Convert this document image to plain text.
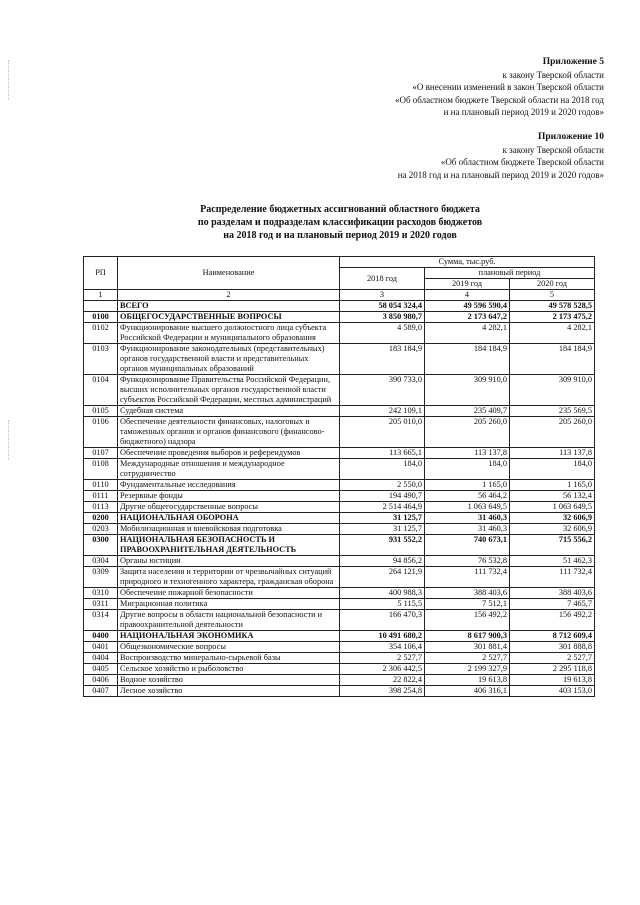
Приложение 5
к закону Тверской области
«О внесении изменений в закон Тверской области
«Об областном бюджете Тверской области на 2018 год
и на плановый период 2019 и 2020 годов»
Приложение 10
к закону Тверской области
«Об областном бюджете Тверской области
на 2018 год и на плановый период 2019 и 2020 годов»
Распределение бюджетных ассигнований областного бюджета
по разделам и подразделам классификации расходов бюджетов
на 2018 год и на плановый период 2019 и 2020 годов
РП	Наименование	Сумма, тыс.руб.		
		2018 год	плановый период	
			2019 год	2020 год
1	2	3	4	5
	ВСЕГО	58 054 324,4	49 596 590,4	49 578 528,5
0100	ОБЩЕГОСУДАРСТВЕННЫЕ ВОПРОСЫ	3 850 980,7	2 173 647,2	2 173 475,2
0102	Функционирование высшего должностного лица субъекта Российской Федерации и муниципального образования	4 589,0	4 282,1	4 282,1
0103	Функционирование законодательных (представительных) органов государственной власти и представительных органов муниципальных образований	183 184,9	184 184,9	184 184,9
0104	Функционирование Правительства Российской Федерации, высших исполнительных органов государственной власти субъектов Российской Федерации, местных администраций	390 733,0	309 910,0	309 910,0
0105	Судебная система	242 109,1	235 409,7	235 569,5
0106	Обеспечение деятельности финансовых, налоговых и таможенных органов и органов финансового (финансово-бюджетного) надзора	205 010,0	205 260,0	205 260,0
0107	Обеспечение проведения выборов и референдумов	113 665,1	113 137,8	113 137,8
0108	Международные отношения и международное сотрудничество	184,0	184,0	184,0
0110	Фундаментальные исследования	2 550,0	1 165,0	1 165,0
0111	Резервные фонды	194 490,7	56 464,2	56 132,4
0113	Другие общегосударственные вопросы	2 514 464,9	1 063 649,5	1 063 649,5
0200	НАЦИОНАЛЬНАЯ ОБОРОНА	31 125,7	31 460,3	32 606,9
0203	Мобилизационная и вневойсковая подготовка	31 125,7	31 460,3	32 606,9
0300	НАЦИОНАЛЬНАЯ БЕЗОПАСНОСТЬ И ПРАВООХРАНИТЕЛЬНАЯ ДЕЯТЕЛЬНОСТЬ	931 552,2	740 673,1	715 556,2
0304	Органы юстиции	94 856,2	76 532,8	51 462,3
0309	Защита населения и территории от чрезвычайных ситуаций природного и техногенного характера, гражданская оборона	264 121,9	111 732,4	111 732,4
0310	Обеспечение пожарной безопасности	400 988,3	388 403,6	388 403,6
0311	Миграционная политика	5 115,5	7 512,1	7 465,7
0314	Другие вопросы в области национальной безопасности и правоохранительной деятельности	166 470,3	156 492,2	156 492,2
0400	НАЦИОНАЛЬНАЯ ЭКОНОМИКА	10 491 680,2	8 617 900,3	8 712 609,4
0401	Общеэкономические вопросы	354 106,4	301 881,4	301 888,8
0404	Воспроизводство минерально-сырьевой базы	2 527,7	2 527,7	2 527,7
0405	Сельское хозяйство и рыболовство	2 306 442,5	2 199 327,9	2 295 118,8
0406	Водное хозяйство	22 822,4	19 613,8	19 613,8
0407	Лесное хозяйство	398 254,8	406 316,1	403 153,0
